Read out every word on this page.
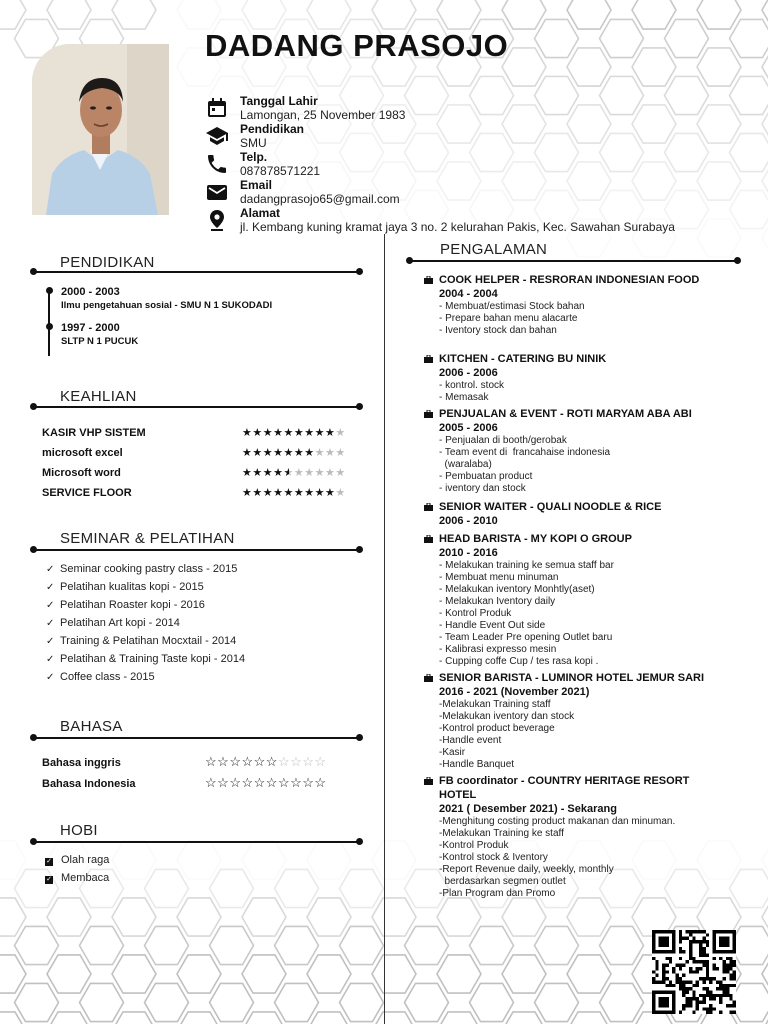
DADANG PRASOJO
Tanggal Lahir
Lamongan, 25 November 1983
Pendidikan
SMU
Telp.
087878571221
Email
dadangprasojo65@gmail.com
Alamat
jl. Kembang kuning kramat jaya 3 no. 2 kelurahan Pakis, Kec. Sawahan Surabaya
PENDIDIKAN
2000 - 2003
Ilmu pengetahuan sosial - SMU N 1 SUKODADI
1997 - 2000
SLTP N 1 PUCUK
KEAHLIAN
KASIR VHP SISTEM	★★★★★★★★★★
microsoft excel	★★★★★★★★★★
Microsoft word	★★★★★★★★★★
SERVICE FLOOR	★★★★★★★★★★
SEMINAR & PELATIHAN
✓ Seminar cooking pastry class - 2015
✓ Pelatihan kualitas kopi - 2015
✓ Pelatihan Roaster kopi - 2016
✓ Pelatihan Art kopi - 2014
✓ Training & Pelatihan Mocxtail - 2014
✓ Pelatihan & Training Taste kopi - 2014
✓ Coffee class - 2015
BAHASA
Bahasa inggris	☆☆☆☆☆☆☆☆☆☆
Bahasa Indonesia	☆☆☆☆☆☆☆☆☆☆
HOBI
✓ Olah raga
✓ Membaca
PENGALAMAN
COOK HELPER - RESRORAN INDONESIAN FOOD
2004 - 2004
- Membuat/estimasi Stock bahan
- Prepare bahan menu alacarte
- Iventory stock dan bahan
KITCHEN - CATERING BU NINIK
2006 - 2006
- kontrol. stock
- Memasak
PENJUALAN & EVENT - ROTI MARYAM ABA ABI
2005 - 2006
- Penjualan di booth/gerobak
- Team event di  francahaise indonesia
(waralaba)
- Pembuatan product
- iventory dan stock
SENIOR WAITER - QUALI NOODLE & RICE
2006 - 2010
HEAD BARISTA - MY KOPI O GROUP
2010 - 2016
- Melakukan training ke semua staff bar
- Membuat menu minuman
- Melakukan iventory Monhtly(aset)
- Melakukan Iventory daily
- Kontrol Produk
- Handle Event Out side
- Team Leader Pre opening Outlet baru
- Kalibrasi expresso mesin
- Cupping coffe Cup / tes rasa kopi .
SENIOR BARISTA - LUMINOR HOTEL JEMUR SARI
2016 - 2021 (November 2021)
-Melakukan Training staff
-Melakukan iventory dan stock
-Kontrol product beverage
-Handle event
-Kasir
-Handle Banquet
FB coordinator - COUNTRY HERITAGE RESORT
HOTEL
2021 ( Desember 2021) - Sekarang
-Menghitung costing product makanan dan minuman.
-Melakukan Training ke staff
-Kontrol Produk
-Kontrol stock & Iventory
-Report Revenue daily, weekly, monthly
berdasarkan segmen outlet
-Plan Program dan Promo
